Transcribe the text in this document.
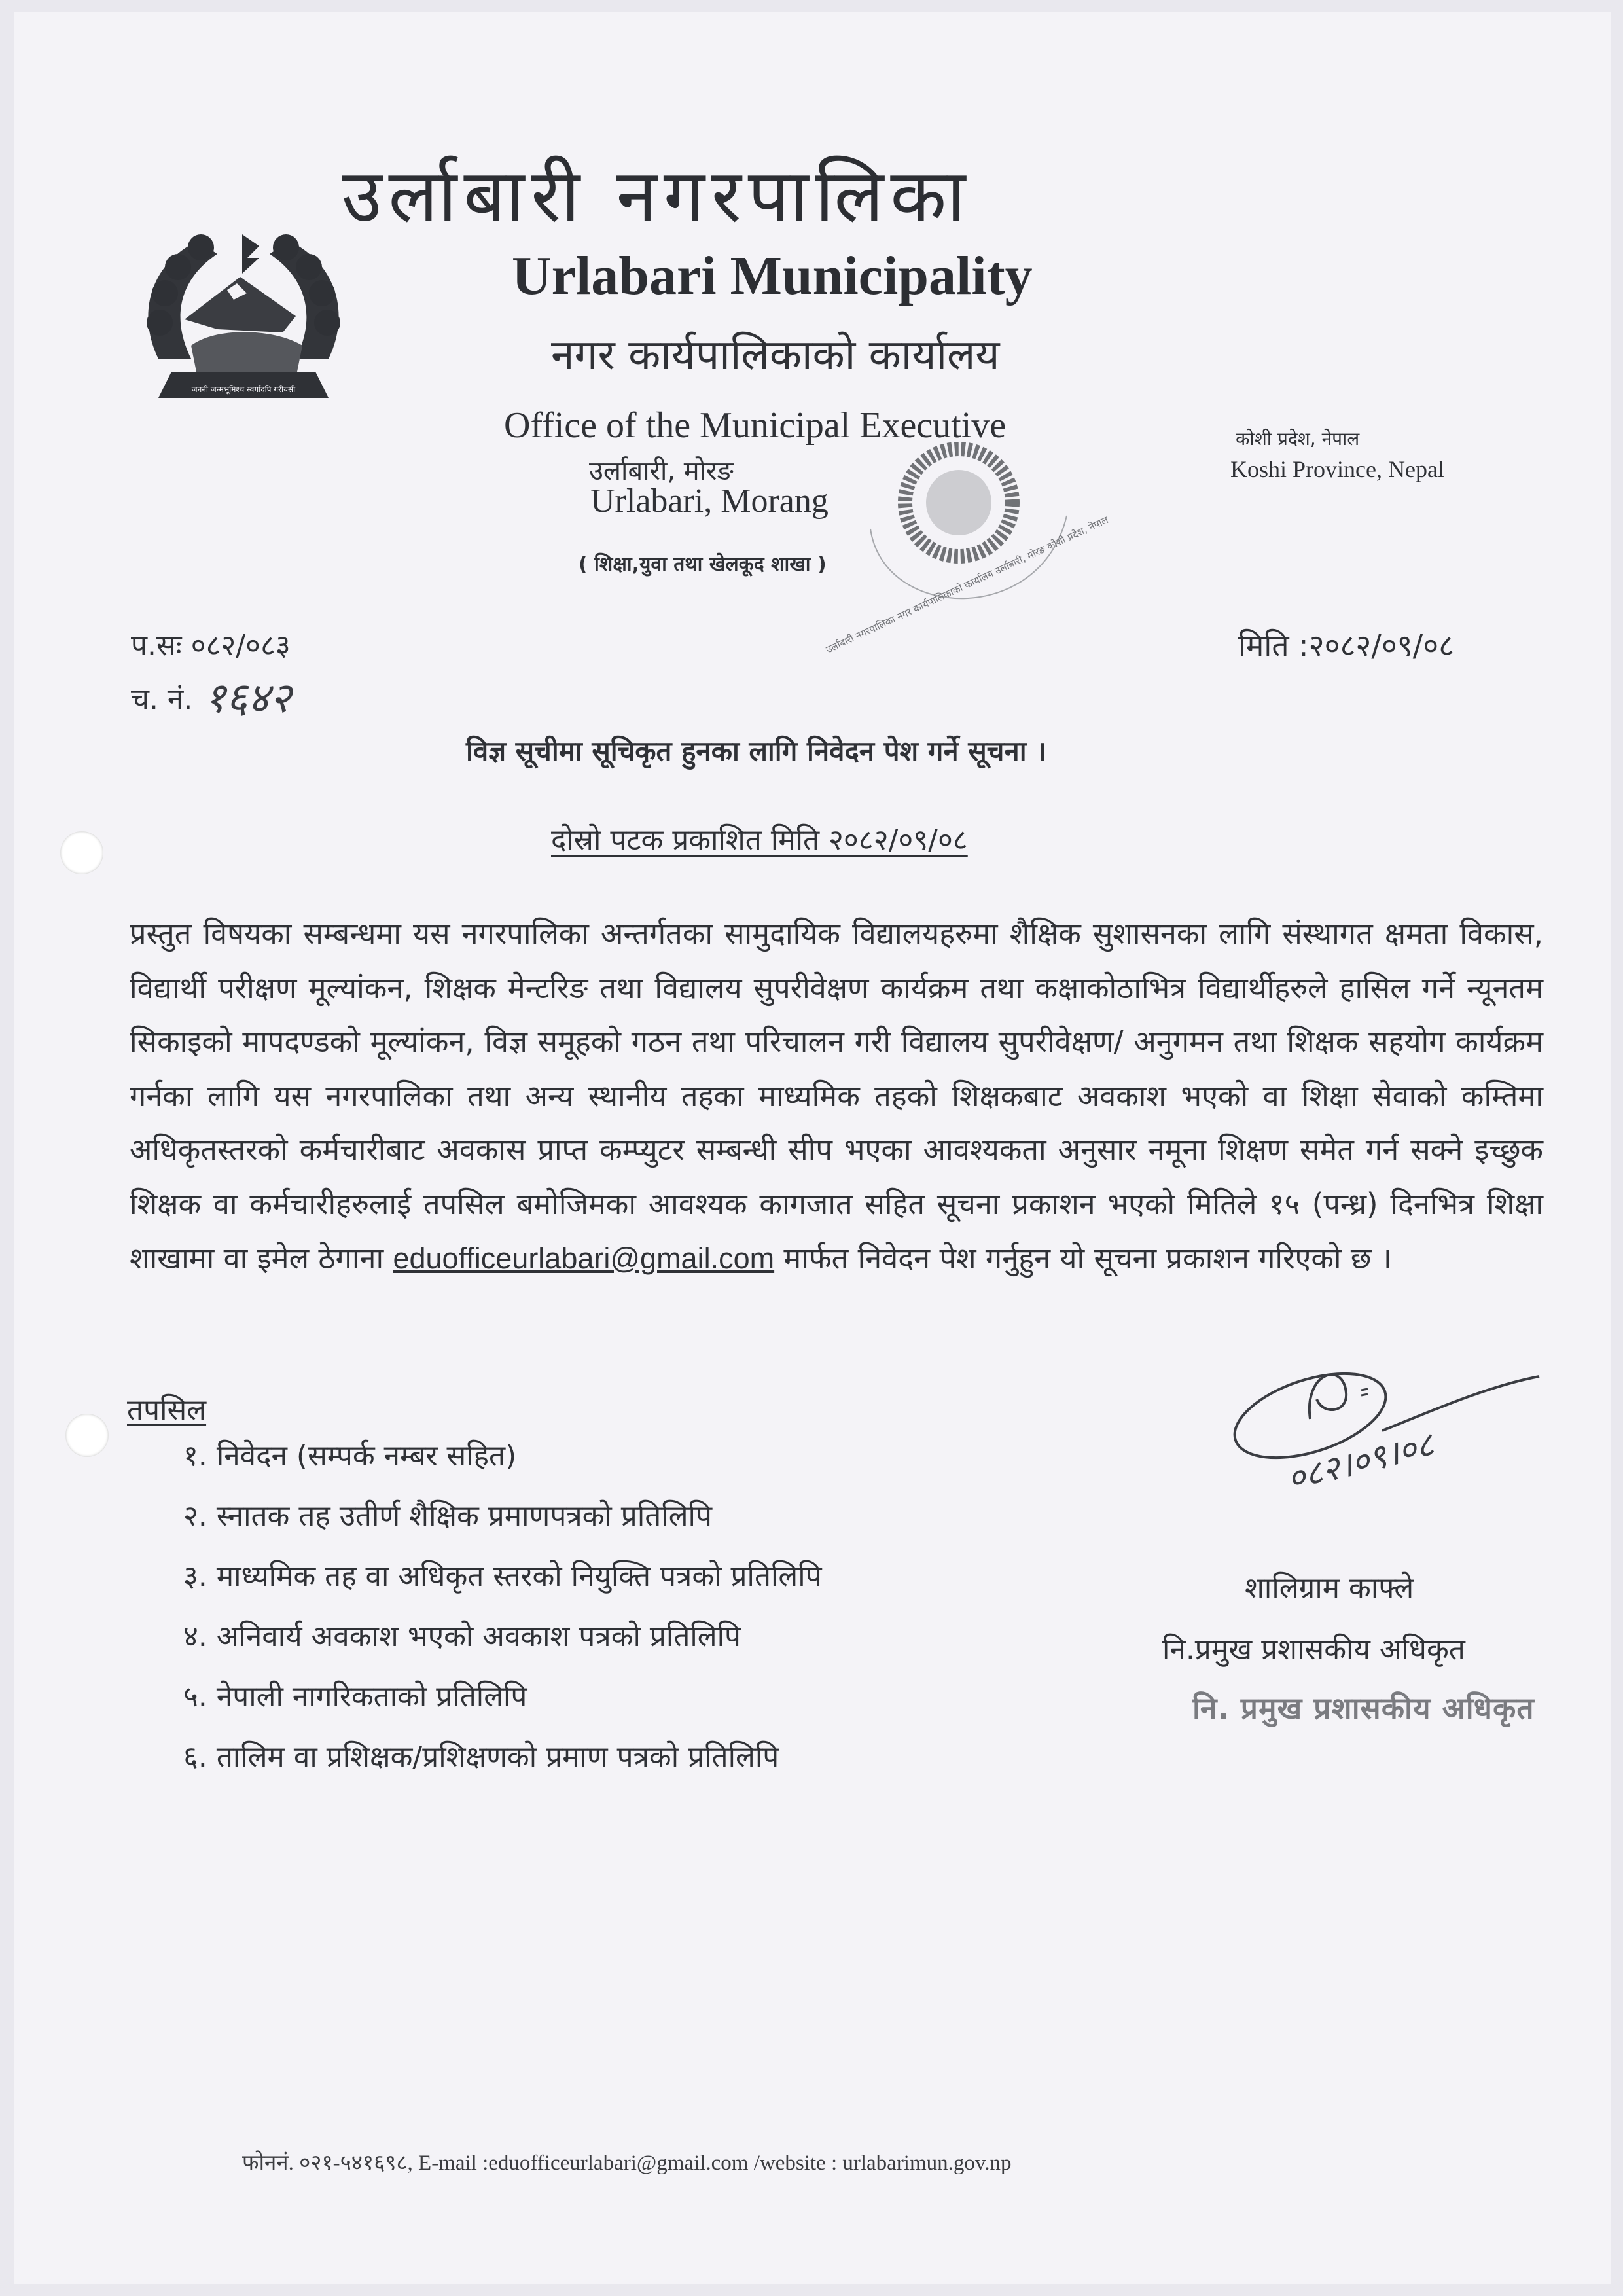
जननी जन्मभूमिश्च स्वर्गादपि गरीयसी
उर्लाबारी नगरपालिका
Urlabari Municipality
नगर कार्यपालिकाको कार्यालय
Office of the Municipal Executive
उर्लाबारी, मोरङ
Urlabari, Morang
( शिक्षा,युवा तथा खेलकूद शाखा )
कोशी प्रदेश, नेपाल
Koshi Province, Nepal
उर्लाबारी नगरपालिका नगर कार्यपालिकाको कार्यालय उर्लाबारी, मोरङ कोशी प्रदेश, नेपाल
प.सः ०८२/०८३
च. नं. १६४२
मिति :२०८२/०९/०८
विज्ञ सूचीमा सूचिकृत हुनका लागि निवेदन पेश गर्ने सूचना ।
दोस्रो पटक प्रकाशित मिति २०८२/०९/०८
प्रस्तुत विषयका सम्बन्धमा यस नगरपालिका अन्तर्गतका सामुदायिक विद्यालयहरुमा शैक्षिक सुशासनका लागि संस्थागत क्षमता विकास, विद्यार्थी परीक्षण मूल्यांकन, शिक्षक मेन्टरिङ तथा विद्यालय सुपरीवेक्षण कार्यक्रम तथा कक्षाकोठाभित्र विद्यार्थीहरुले हासिल गर्ने न्यूनतम सिकाइको मापदण्डको मूल्यांकन, विज्ञ समूहको गठन तथा परिचालन गरी विद्यालय सुपरीवेक्षण/ अनुगमन तथा शिक्षक सहयोग कार्यक्रम गर्नका लागि यस नगरपालिका तथा अन्य स्थानीय तहका माध्यमिक तहको शिक्षकबाट अवकाश भएको वा शिक्षा सेवाको कम्तिमा अधिकृतस्तरको कर्मचारीबाट अवकास प्राप्त कम्प्युटर सम्बन्धी सीप भएका आवश्यकता अनुसार नमूना शिक्षण समेत गर्न सक्ने इच्छुक शिक्षक वा कर्मचारीहरुलाई तपसिल बमोजिमका आवश्यक कागजात सहित सूचना प्रकाशन भएको मितिले १५ (पन्ध्र) दिनभित्र शिक्षा शाखामा वा इमेल ठेगाना eduofficeurlabari@gmail.com मार्फत निवेदन पेश गर्नुहुन यो सूचना प्रकाशन गरिएको छ ।
तपसिल
१. निवेदन (सम्पर्क नम्बर सहित)
२. स्नातक तह उतीर्ण शैक्षिक प्रमाणपत्रको प्रतिलिपि
३. माध्यमिक तह वा अधिकृत स्तरको नियुक्ति पत्रको प्रतिलिपि
४. अनिवार्य अवकाश भएको अवकाश पत्रको प्रतिलिपि
५. नेपाली नागरिकताको प्रतिलिपि
६. तालिम वा प्रशिक्षक/प्रशिक्षणको प्रमाण पत्रको प्रतिलिपि
०८२।०९।०८
शालिग्राम काफ्ले
नि.प्रमुख प्रशासकीय अधिकृत
नि. प्रमुख प्रशासकीय अधिकृत
फोननं. ०२१-५४१६९८, E-mail :eduofficeurlabari@gmail.com /website : urlabarimun.gov.np
